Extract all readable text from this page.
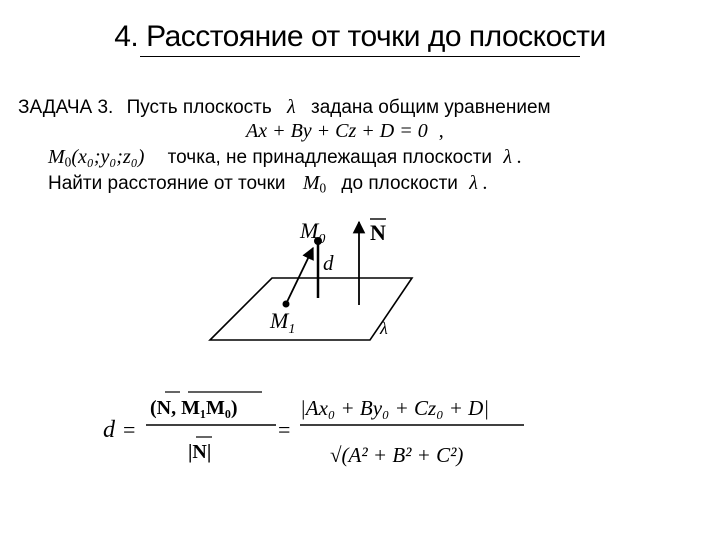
4. Расстояние от точки до плоскости
ЗАДАЧА 3. Пусть плоскость λ задана общим уравнением
Ax + By + Cz + D = 0 ,
$M_0(x_0;y_0;z_0)$ точка, не принадлежащая плоскости λ .
Найти расстояние от точки $M_0$ до плоскости λ .
$M_0$ N
d
$M_1$	λ
d =
(N, M₁M₀)
|N|
=
|Ax₀ + By₀ + Cz₀ + D|
√(A² + B² + C²)
